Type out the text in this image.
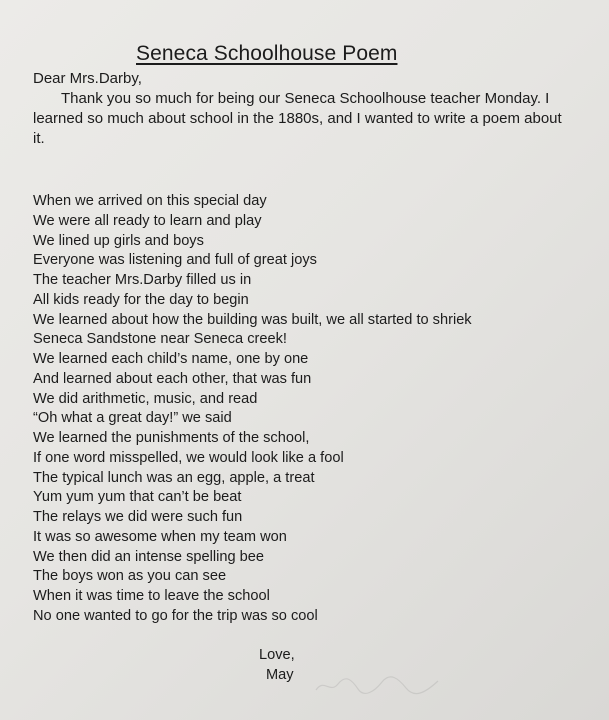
Seneca Schoolhouse Poem
Dear Mrs.Darby,
Thank you so much for being our Seneca Schoolhouse teacher Monday. I learned so much about school in the 1880s, and I wanted to write a poem about it.
When we arrived on this special day
We were all ready to learn and play
We lined up girls and boys
Everyone was listening and full of great joys
The teacher Mrs.Darby filled us in
All kids ready for the day to begin
We learned about how the building was built, we all started to shriek
Seneca Sandstone near Seneca creek!
We learned each child’s name, one by one
And learned about each other, that was fun
We did arithmetic, music, and read
“Oh what a great day!” we said
We learned the punishments of the school,
If one word misspelled, we would look like a fool
The typical lunch was an egg, apple, a treat
Yum yum yum that can’t be beat
The relays we did were such fun
It was so awesome when my team won
We then did an intense spelling bee
The boys won as you can see
When it was time to leave the school
No one wanted to go for the trip was so cool
Love,
May
